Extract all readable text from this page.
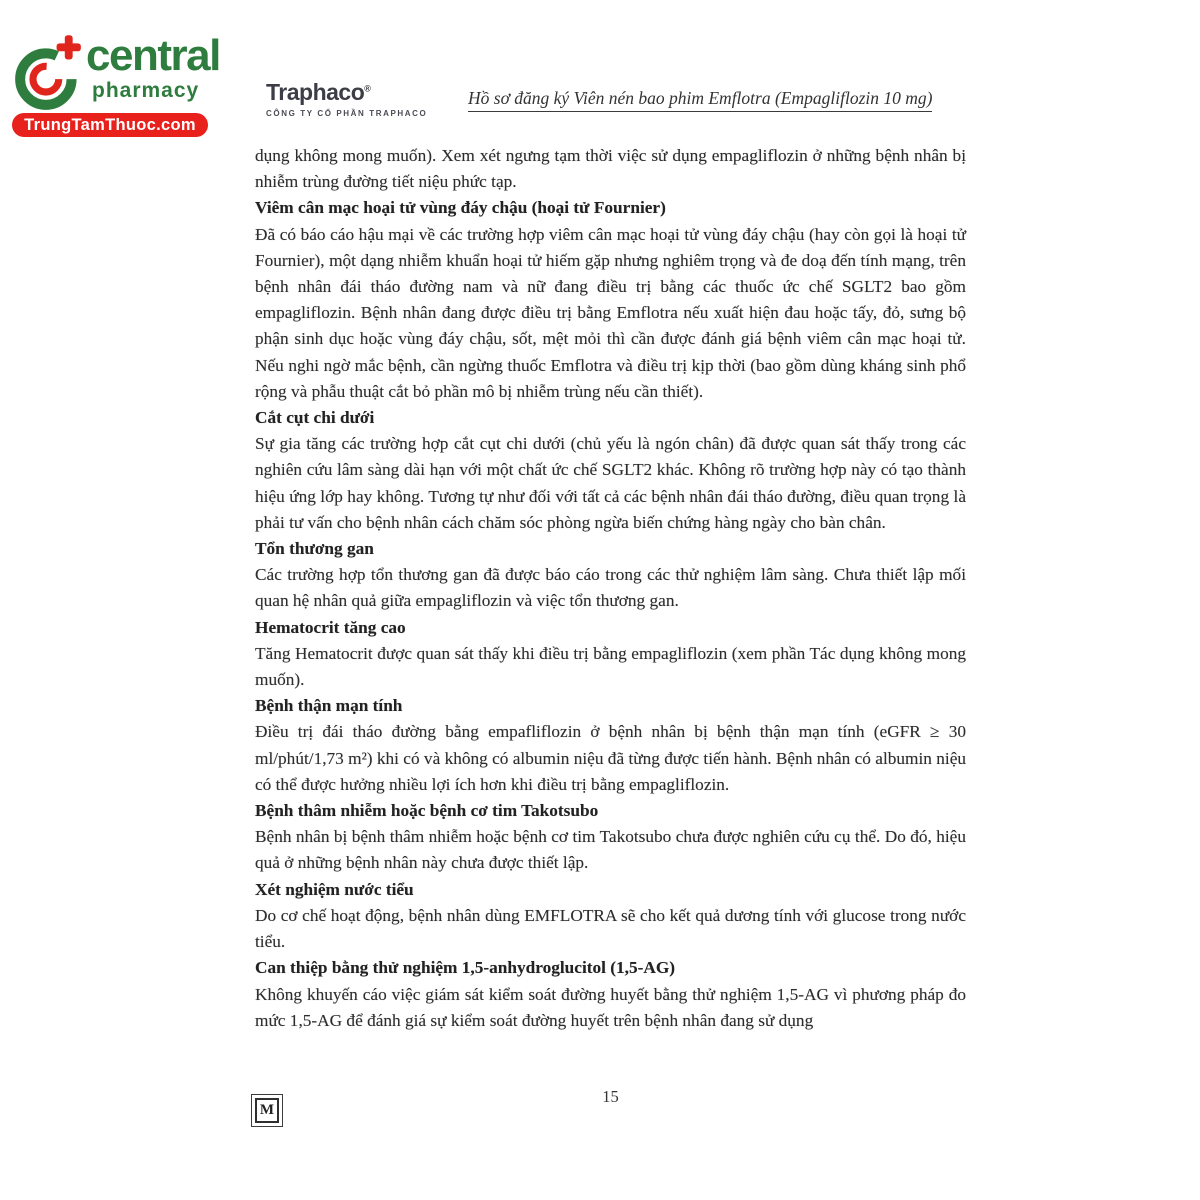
central
pharmacy
TrungTamThuoc.com
Traphaco®
CÔNG TY CỔ PHẦN TRAPHACO
Hồ sơ đăng ký Viên nén bao phim Emflotra (Empagliflozin 10 mg)

dụng không mong muốn). Xem xét ngưng tạm thời việc sử dụng empagliflozin ở những bệnh nhân bị nhiễm trùng đường tiết niệu phức tạp.

Viêm cân mạc hoại tử vùng đáy chậu (hoại tử Fournier)

Đã có báo cáo hậu mại về các trường hợp viêm cân mạc hoại tử vùng đáy chậu (hay còn gọi là hoại tử Fournier), một dạng nhiễm khuẩn hoại tử hiếm gặp nhưng nghiêm trọng và đe doạ đến tính mạng, trên bệnh nhân đái tháo đường nam và nữ đang điều trị bằng các thuốc ức chế SGLT2 bao gồm empagliflozin. Bệnh nhân đang được điều trị bằng Emflotra nếu xuất hiện đau hoặc tấy, đỏ, sưng bộ phận sinh dục hoặc vùng đáy chậu, sốt, mệt mỏi thì cần được đánh giá bệnh viêm cân mạc hoại tử. Nếu nghi ngờ mắc bệnh, cần ngừng thuốc Emflotra và điều trị kịp thời (bao gồm dùng kháng sinh phổ rộng và phẫu thuật cắt bỏ phần mô bị nhiễm trùng nếu cần thiết).

Cắt cụt chi dưới

Sự gia tăng các trường hợp cắt cụt chi dưới (chủ yếu là ngón chân) đã được quan sát thấy trong các nghiên cứu lâm sàng dài hạn với một chất ức chế SGLT2 khác. Không rõ trường hợp này có tạo thành hiệu ứng lớp hay không. Tương tự như đối với tất cả các bệnh nhân đái tháo đường, điều quan trọng là phải tư vấn cho bệnh nhân cách chăm sóc phòng ngừa biến chứng hàng ngày cho bàn chân.

Tổn thương gan

Các trường hợp tổn thương gan đã được báo cáo trong các thử nghiệm lâm sàng. Chưa thiết lập mối quan hệ nhân quả giữa empagliflozin và việc tổn thương gan.

Hematocrit tăng cao

Tăng Hematocrit được quan sát thấy khi điều trị bằng empagliflozin (xem phần Tác dụng không mong muốn).

Bệnh thận mạn tính

Điều trị đái tháo đường bằng empafliflozin ở bệnh nhân bị bệnh thận mạn tính (eGFR ≥ 30 ml/phút/1,73 m²) khi có và không có albumin niệu đã từng được tiến hành. Bệnh nhân có albumin niệu có thể được hưởng nhiều lợi ích hơn khi điều trị bằng empagliflozin.

Bệnh thâm nhiễm hoặc bệnh cơ tim Takotsubo

Bệnh nhân bị bệnh thâm nhiễm hoặc bệnh cơ tim Takotsubo chưa được nghiên cứu cụ thể. Do đó, hiệu quả ở những bệnh nhân này chưa được thiết lập.

Xét nghiệm nước tiểu

Do cơ chế hoạt động, bệnh nhân dùng EMFLOTRA sẽ cho kết quả dương tính với glucose trong nước tiểu.

Can thiệp bằng thử nghiệm 1,5-anhydroglucitol (1,5-AG)

Không khuyến cáo việc giám sát kiểm soát đường huyết bằng thử nghiệm 1,5-AG vì phương pháp đo mức 1,5-AG để đánh giá sự kiểm soát đường huyết trên bệnh nhân đang sử dụng

15
M
